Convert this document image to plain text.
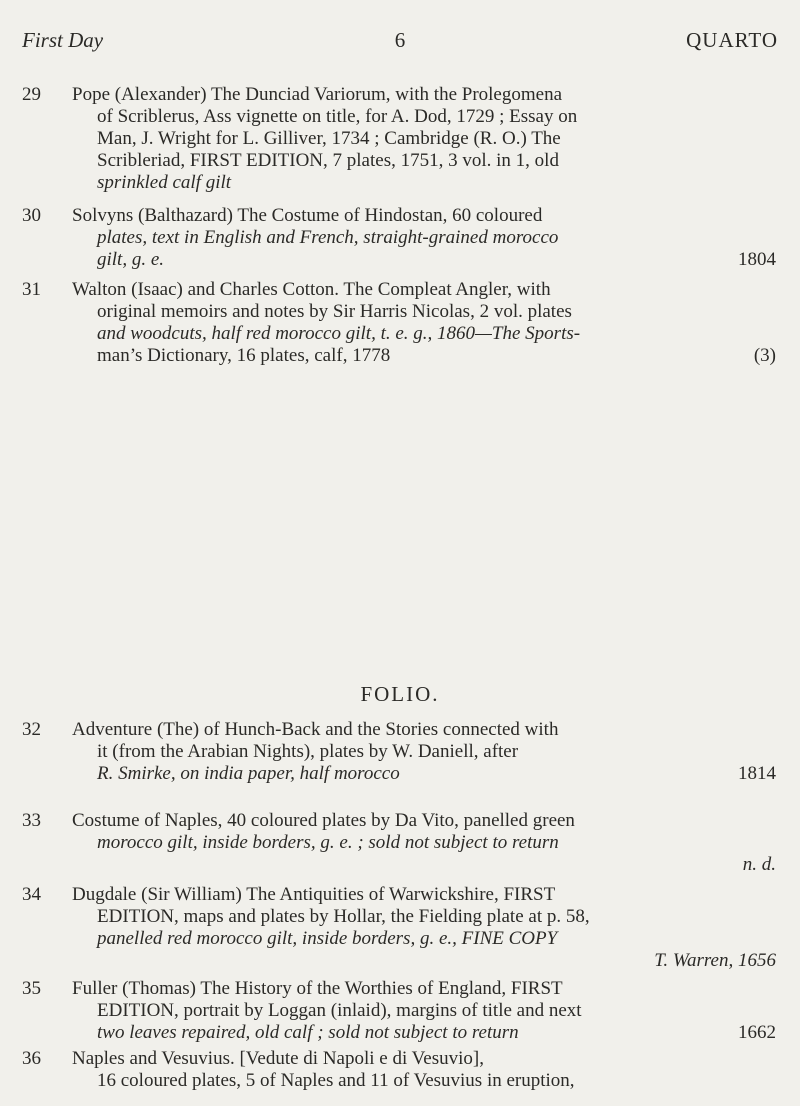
First Day	6	QUARTO
29	Pope (Alexander) The Dunciad Variorum, with the Prolegomena

of Scriblerus, Ass vignette on title, for A. Dod, 1729 ; Essay on

Man, J. Wright for L. Gilliver, 1734 ; Cambridge (R. O.) The

Scribleriad, FIRST EDITION, 7 plates, 1751, 3 vol. in 1, old

sprinkled calf gilt

30	Solvyns (Balthazard) The Costume of Hindostan, 60 coloured

plates, text in English and French, straight-grained morocco

gilt, g. e.	1804

31	Walton (Isaac) and Charles Cotton. The Compleat Angler, with

original memoirs and notes by Sir Harris Nicolas, 2 vol. plates

and woodcuts, half red morocco gilt, t. e. g., 1860—The Sports-

man’s Dictionary, 16 plates, calf, 1778	(3)

FOLIO.
32	Adventure (The) of Hunch-Back and the Stories connected with

it (from the Arabian Nights), plates by W. Daniell, after

R. Smirke, on india paper, half morocco	1814

33	Costume of Naples, 40 coloured plates by Da Vito, panelled green

morocco gilt, inside borders, g. e. ; sold not subject to return

n. d.

34	Dugdale (Sir William) The Antiquities of Warwickshire, FIRST

EDITION, maps and plates by Hollar, the Fielding plate at p. 58,

panelled red morocco gilt, inside borders, g. e., FINE COPY

T. Warren, 1656

35	Fuller (Thomas) The History of the Worthies of England, FIRST

EDITION, portrait by Loggan (inlaid), margins of title and next

two leaves repaired, old calf ; sold not subject to return	1662

36	Naples and Vesuvius. [Vedute di Napoli e di Vesuvio],

16 coloured plates, 5 of Naples and 11 of Vesuvius in eruption,
